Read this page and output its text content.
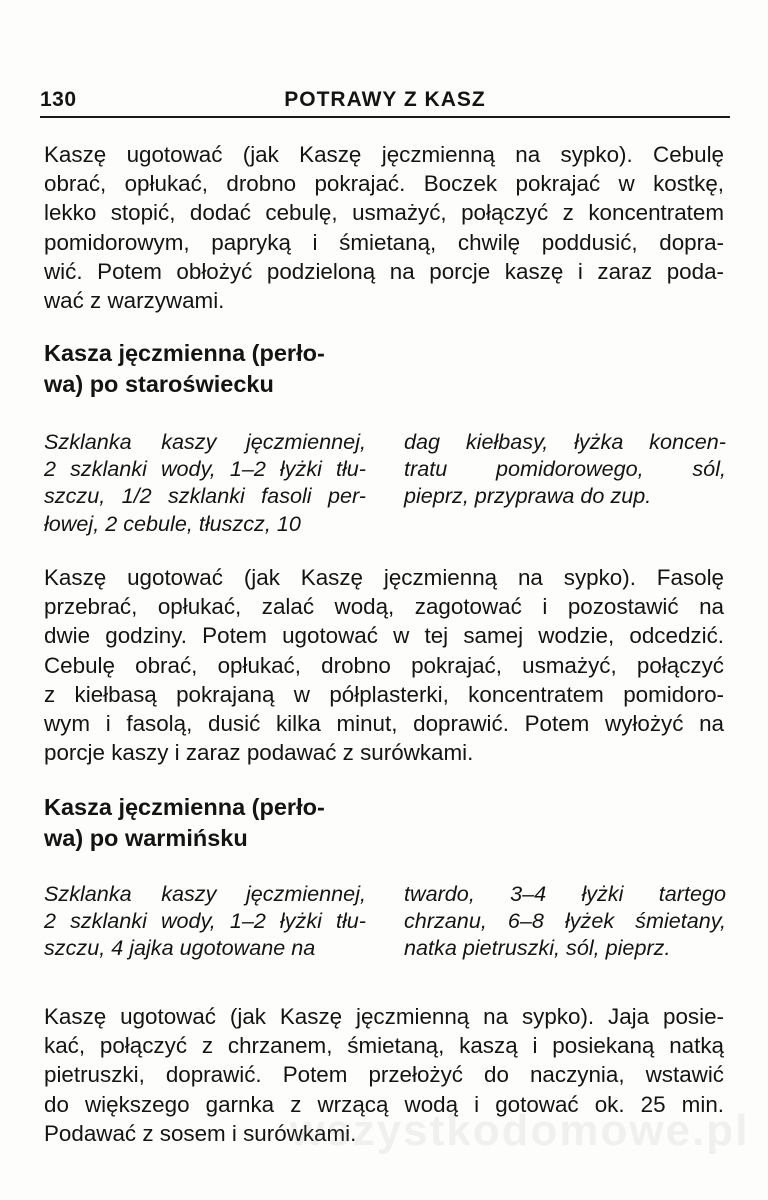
130	POTRAWY Z KASZ
Kaszę ugotować (jak Kaszę jęczmienną na sypko). Cebulę
obrać, opłukać, drobno pokrajać. Boczek pokrajać w kostkę,
lekko stopić, dodać cebulę, usmażyć, połączyć z koncentratem
pomidorowym, papryką i śmietaną, chwilę poddusić, dopra-
wić. Potem obłożyć podzieloną na porcje kaszę i zaraz poda-
wać z warzywami.
Kasza jęczmienna (perło-
wa) po staroświecku
Szklanka kaszy jęczmiennej,
2 szklanki wody, 1–2 łyżki tłu-
szczu, 1/2 szklanki fasoli per-
łowej, 2 cebule, tłuszcz, 10
dag kiełbasy, łyżka koncen-
tratu pomidorowego, sól,
pieprz, przyprawa do zup.
Kaszę ugotować (jak Kaszę jęczmienną na sypko). Fasolę
przebrać, opłukać, zalać wodą, zagotować i pozostawić na
dwie godziny. Potem ugotować w tej samej wodzie, odcedzić.
Cebulę obrać, opłukać, drobno pokrajać, usmażyć, połączyć
z kiełbasą pokrajaną w półplasterki, koncentratem pomidoro-
wym i fasolą, dusić kilka minut, doprawić. Potem wyłożyć na
porcje kaszy i zaraz podawać z surówkami.
Kasza jęczmienna (perło-
wa) po warmińsku
Szklanka kaszy jęczmiennej,
2 szklanki wody, 1–2 łyżki tłu-
szczu, 4 jajka ugotowane na
twardo, 3–4 łyżki tartego
chrzanu, 6–8 łyżek śmietany,
natka pietruszki, sól, pieprz.
Kaszę ugotować (jak Kaszę jęczmienną na sypko). Jaja posie-
kać, połączyć z chrzanem, śmietaną, kaszą i posiekaną natką
pietruszki, doprawić. Potem przełożyć do naczynia, wstawić
do większego garnka z wrzącą wodą i gotować ok. 25 min.
Podawać z sosem i surówkami.
wszystkodomowe.pl
